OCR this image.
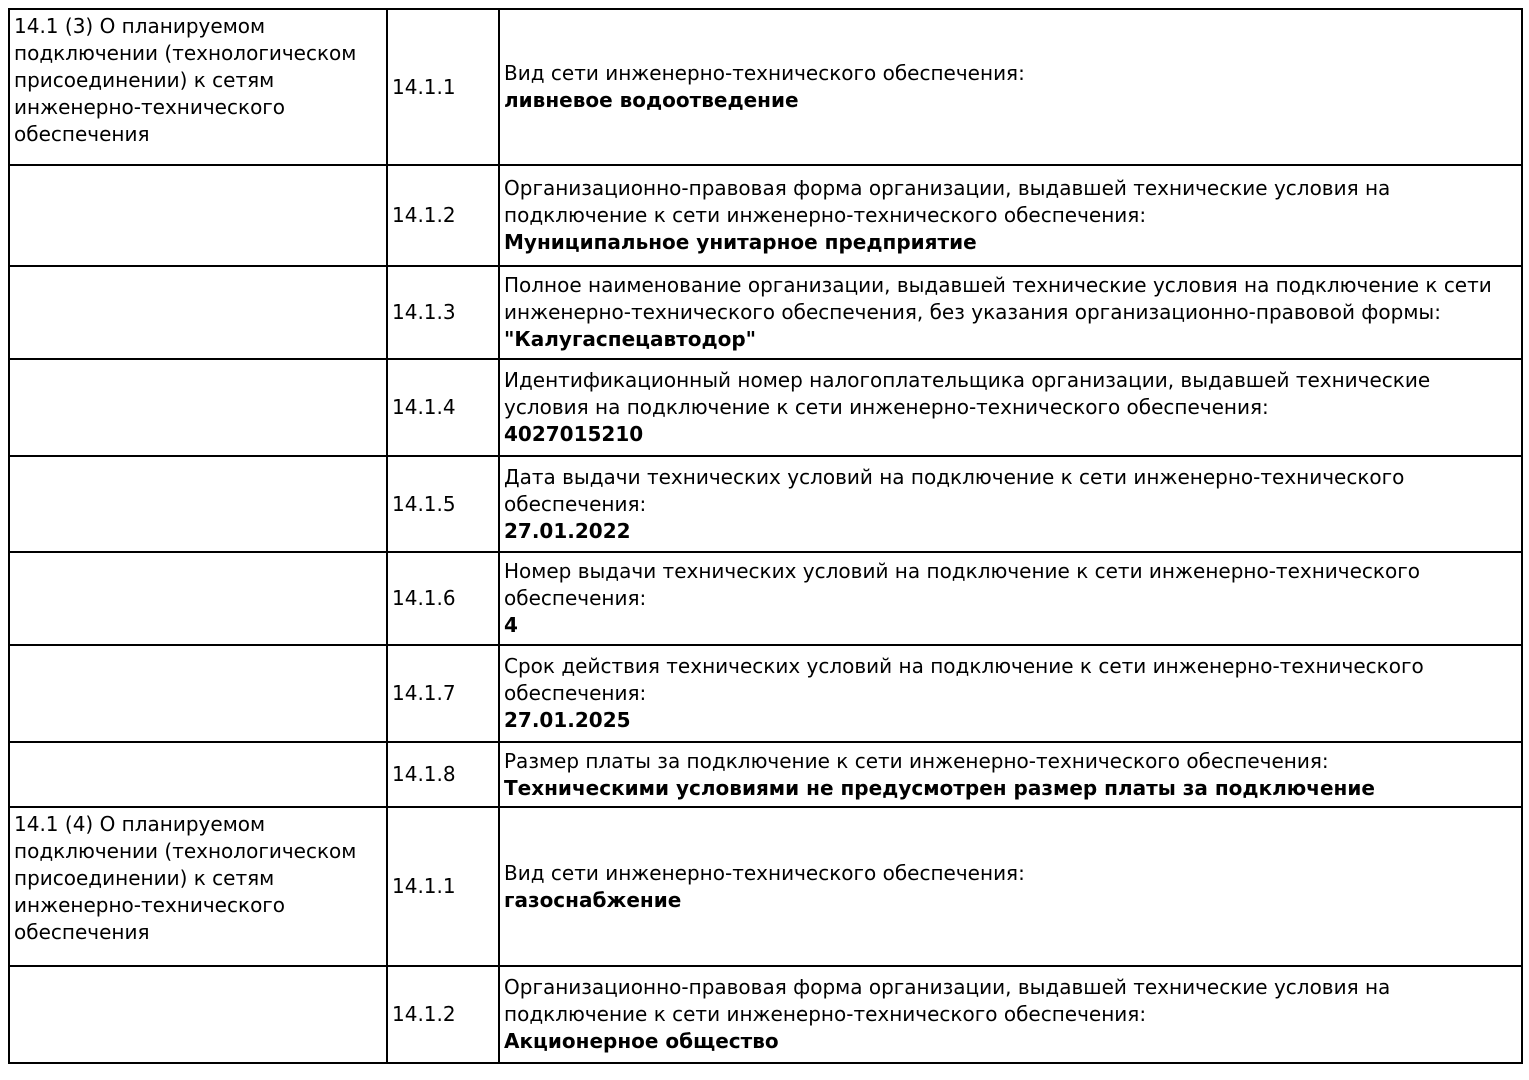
14.1 (3) О планируемом подключении (технологическом присоединении) к сетям инженерно-технического обеспечения	14.1.1	Вид сети инженерно-технического обеспечения:
ливневое водоотведение

	14.1.2	Организационно-правовая форма организации, выдавшей технические условия на подключение к сети инженерно-технического обеспечения:
Муниципальное унитарное предприятие

	14.1.3	Полное наименование организации, выдавшей технические условия на подключение к сети инженерно-технического обеспечения, без указания организационно-правовой формы:
"Калугаспецавтодор"

	14.1.4	Идентификационный номер налогоплательщика организации, выдавшей технические условия на подключение к сети инженерно-технического обеспечения:
4027015210

	14.1.5	Дата выдачи технических условий на подключение к сети инженерно-технического обеспечения:
27.01.2022

	14.1.6	Номер выдачи технических условий на подключение к сети инженерно-технического обеспечения:
4

	14.1.7	Срок действия технических условий на подключение к сети инженерно-технического обеспечения:
27.01.2025

	14.1.8	Размер платы за подключение к сети инженерно-технического обеспечения:
Техническими условиями не предусмотрен размер платы за подключение

14.1 (4) О планируемом подключении (технологическом присоединении) к сетям инженерно-технического обеспечения	14.1.1	Вид сети инженерно-технического обеспечения:
газоснабжение

	14.1.2	Организационно-правовая форма организации, выдавшей технические условия на подключение к сети инженерно-технического обеспечения:
Акционерное общество
